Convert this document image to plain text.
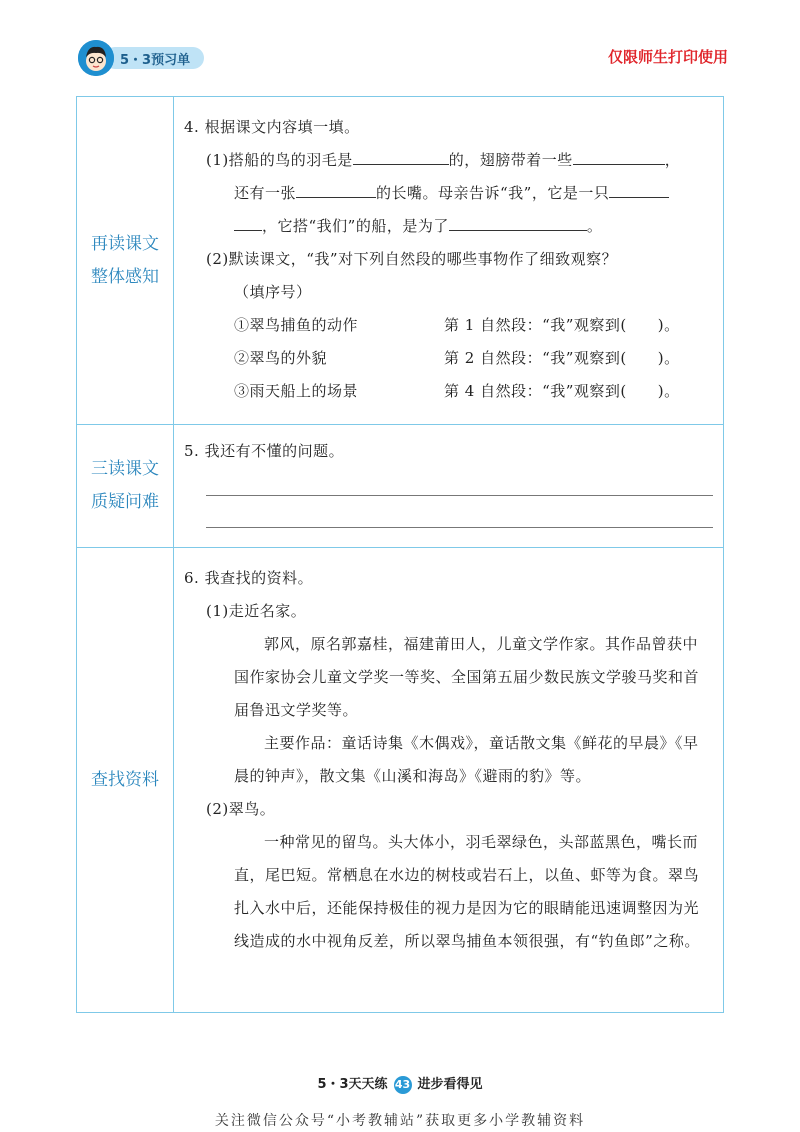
5・3预习单	仅限师生打印使用
再读课文
整体感知
4. 根据课文内容填一填。
(1)搭船的鸟的羽毛是	的，翅膀带着一些	，
还有一张	的长嘴。母亲告诉“我”，它是一只
，它搭“我们”的船，是为了	。
(2)默读课文，“我”对下列自然段的哪些事物作了细致观察？
（填序号）
①翠鸟捕鱼的动作	第 1 自然段：“我”观察到(　　)。
②翠鸟的外貌	第 2 自然段：“我”观察到(　　)。
③雨天船上的场景	第 4 自然段：“我”观察到(　　)。
三读课文
质疑问难
5. 我还有不懂的问题。
查找资料
6. 我查找的资料。
(1)走近名家。
郭风，原名郭嘉桂，福建莆田人，儿童文学作家。其作品曾获中国作家协会儿童文学奖一等奖、全国第五届少数民族文学骏马奖和首届鲁迅文学奖等。
主要作品：童话诗集《木偶戏》，童话散文集《鲜花的早晨》《早晨的钟声》，散文集《山溪和海岛》《避雨的豹》等。
(2)翠鸟。
一种常见的留鸟。头大体小，羽毛翠绿色，头部蓝黑色，嘴长而直，尾巴短。常栖息在水边的树枝或岩石上，以鱼、虾等为食。翠鸟扎入水中后，还能保持极佳的视力是因为它的眼睛能迅速调整因为光线造成的水中视角反差，所以翠鸟捕鱼本领很强，有“钓鱼郎”之称。
5・3天天练 43 进步看得见
关注微信公众号“小考教辅站”获取更多小学教辅资料
